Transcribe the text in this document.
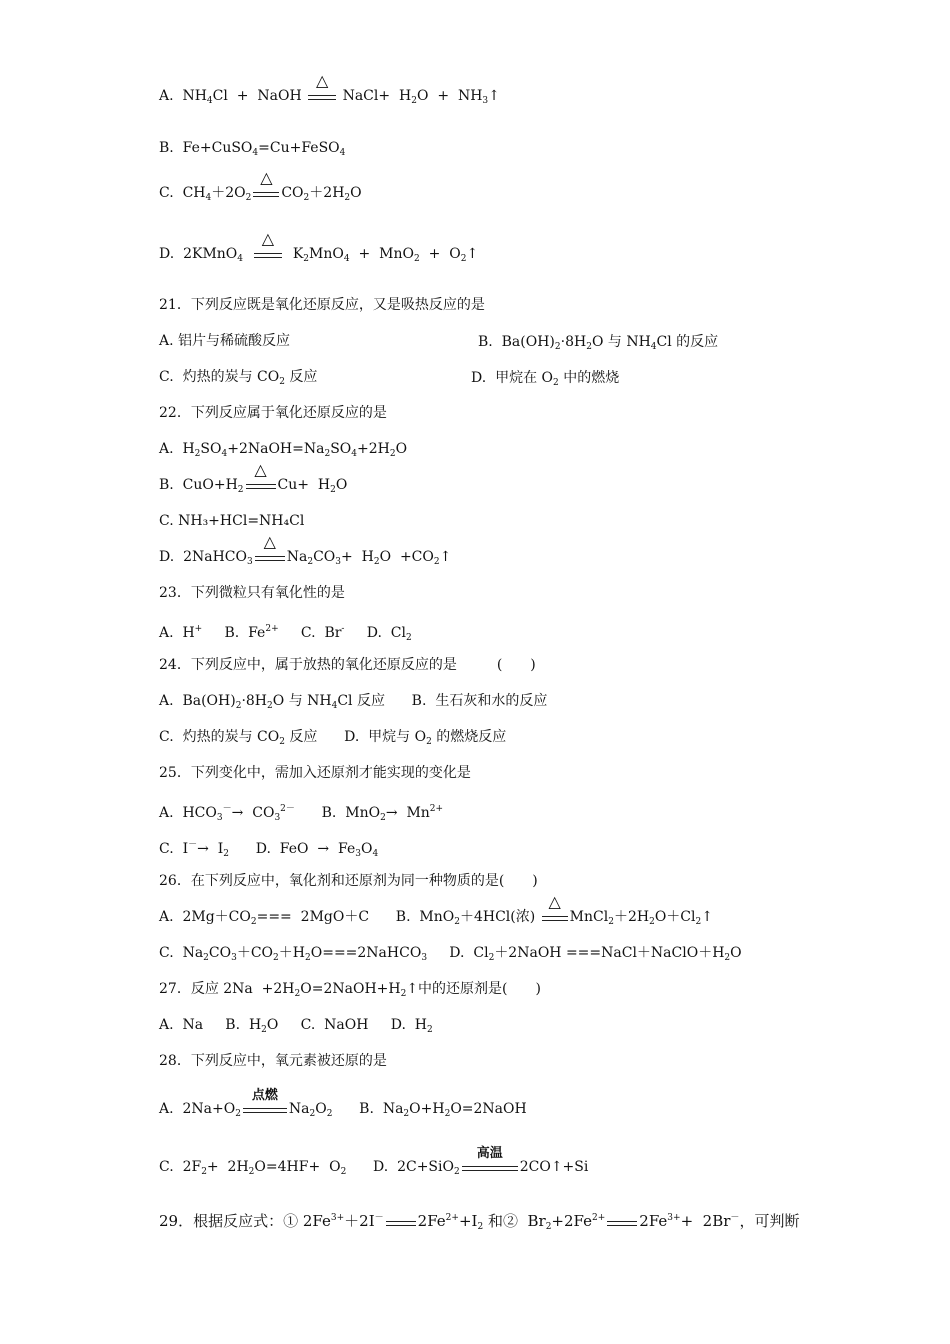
A.  $NH_4Cl$  +  NaOH
△
NaCl+  $H_2O$  +  $NH_3↑$
B.  Fe+CuSO$_4$=Cu+FeSO$_4$
C.  $CH_4+2O_2$
△
$CO_2+2H_2O$
D.  2KMnO$_4$
△
$K_2MnO_4 + MnO_2$  +  $O_2↑$
21．下列反应既是氧化还原反应，又是吸热反应的是
A. 铝片与稀硫酸反应	B.  $Ba(OH)_2\cdot 8H_2O$ 与 $NH_4Cl$ 的反应
C.  灼热的炭与 $CO_2$ 反应	D.  甲烷在 $O_2$ 中的燃烧
22．下列反应属于氧化还原反应的是
A.  $H_2SO_4+2NaOH=Na_2SO_4+2H_2O$
B.  $CuO+H_2$
△
$Cu+ H_2O$
C. NH₃+HCl=NH₄Cl
D.  2NaHCO$_3$
△
$Na_2CO_3+ H_2O$  $+CO_2↑$
23．下列微粒只有氧化性的是
A.  H+     B.  $Fe^{2+}$     C.  Br-     D.  $Cl_2$
24．下列反应中，属于放热的氧化还原反应的是	(　　)
A.  $Ba(OH)_2\cdot 8H_2O$ 与 $NH_4Cl$ 反应      B.  生石灰和水的反应
C.  灼热的炭与 $CO_2$ 反应      D.  甲烷与 $O_2$ 的燃烧反应
25．下列变化中，需加入还原剂才能实现的变化是
A.  $HCO_3^-\to CO_3^{2-}$      B.  $MnO_2\to Mn^{2+}$
C.  $I^-\to I_2$      D.  FeO  →  $Fe_3O_4$
26．在下列反应中，氧化剂和还原剂为同一种物质的是(　　)
A.  $2Mg+CO_2=== 2MgO+C$      B.  MnO$_2$＋4HCl(浓)
△
$MnCl_2+2H_2O+Cl_2↑$
C.  $Na_2CO_3+CO_2+H_2O===2NaHCO_3$     D.  $Cl_2+2NaOH$ $===NaCl+NaClO+H_2O$
27．反应 $2Na +2H_2O=2NaOH+H_2↑$中的还原剂是(　　)
A.  Na     B.  $H_2O$     C.  NaOH     D.  $H_2$
28．下列反应中，氧元素被还原的是
A.  $2Na+O_2$
点燃
$Na_2O_2$      B.  $Na_2O+H_2O=2NaOH$
C.  $2F_2+ 2H_2O=4HF+ O_2$      D.  2C+SiO$_2$
高温
2CO↑+Si
29．根据反应式：① $2Fe^{3+}+2I^-$ $2Fe^{2+}+I_2$ 和②  $Br_2+2Fe^{2+}$ $2Fe^{3+}+ 2Br^-$，可判断
